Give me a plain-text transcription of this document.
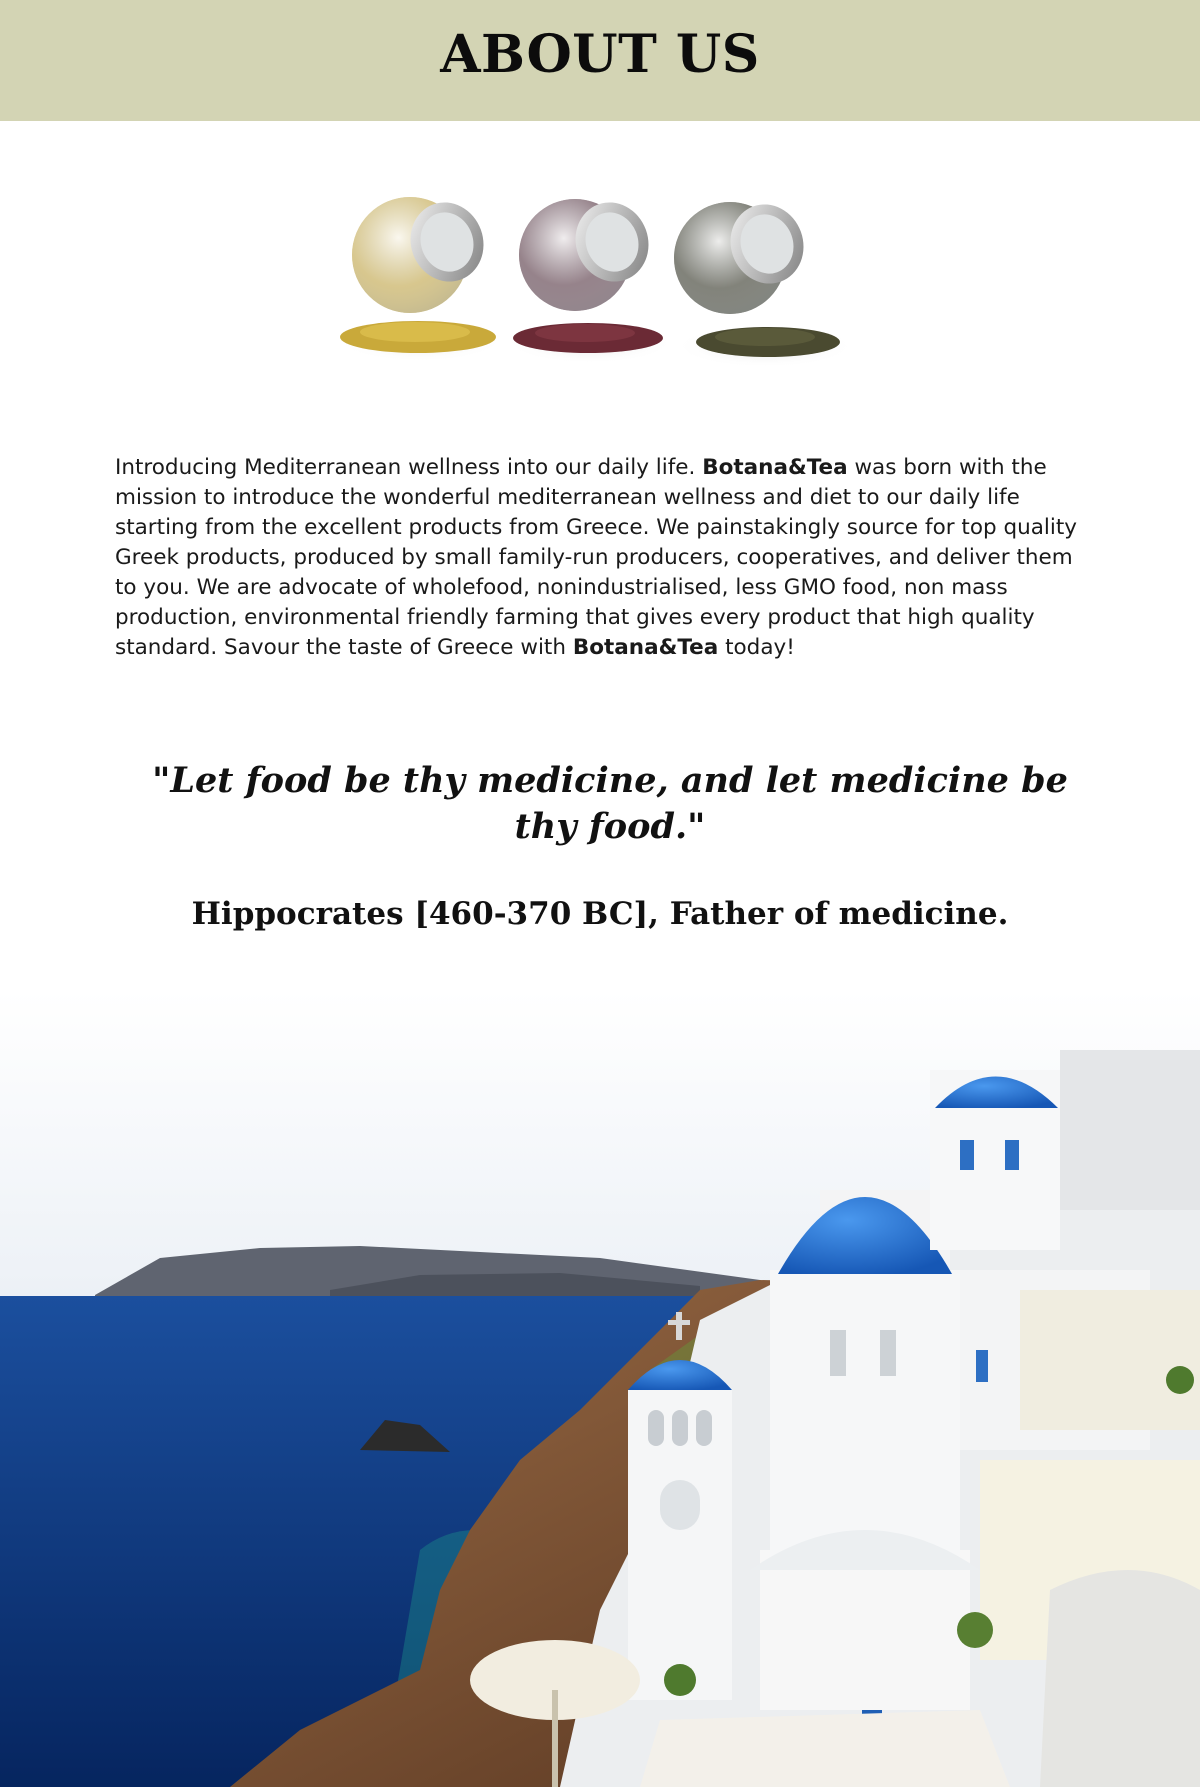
ABOUT US
Introducing Mediterranean wellness into our daily life. Botana&Tea was born with the mission to introduce the wonderful mediterranean wellness and diet to our daily life starting from the excellent products from Greece. We painstakingly source for top quality Greek products, produced by small family-run producers, cooperatives, and deliver them to you. We are advocate of wholefood, nonindustrialised, less GMO food, non mass production, environmental friendly farming that gives every product that high quality standard. Savour the taste of Greece with Botana&Tea today!
"Let food be thy medicine, and let medicine be thy food."
Hippocrates [460-370 BC], Father of medicine.
